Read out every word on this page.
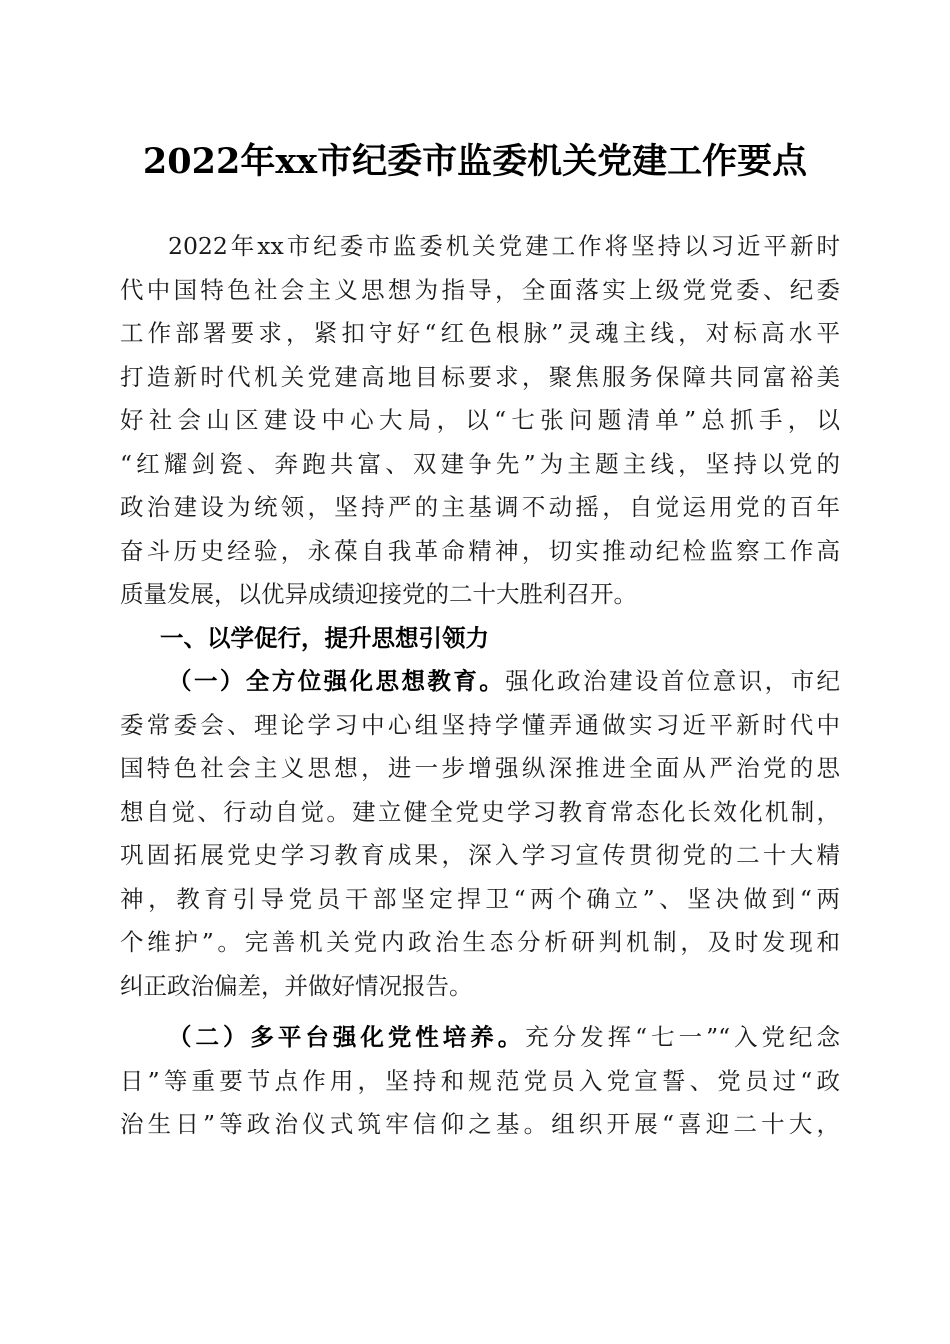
2022年xx市纪委市监委机关党建工作要点
2022年xx市纪委市监委机关党建工作将坚持以习近平新时
代中国特色社会主义思想为指导，全面落实上级党党委、纪委
工作部署要求，紧扣守好“红色根脉”灵魂主线，对标高水平
打造新时代机关党建高地目标要求，聚焦服务保障共同富裕美
好社会山区建设中心大局，以“七张问题清单”总抓手，以
“红耀剑瓷、奔跑共富、双建争先”为主题主线，坚持以党的
政治建设为统领，坚持严的主基调不动摇，自觉运用党的百年
奋斗历史经验，永葆自我革命精神，切实推动纪检监察工作高
质量发展，以优异成绩迎接党的二十大胜利召开。
一、以学促行，提升思想引领力
（一）全方位强化思想教育。强化政治建设首位意识，市纪
委常委会、理论学习中心组坚持学懂弄通做实习近平新时代中
国特色社会主义思想，进一步增强纵深推进全面从严治党的思
想自觉、行动自觉。建立健全党史学习教育常态化长效化机制，
巩固拓展党史学习教育成果，深入学习宣传贯彻党的二十大精
神，教育引导党员干部坚定捍卫“两个确立”、坚决做到“两
个维护”。完善机关党内政治生态分析研判机制，及时发现和
纠正政治偏差，并做好情况报告。
（二）多平台强化党性培养。充分发挥“七一”“入党纪念
日”等重要节点作用，坚持和规范党员入党宣誓、党员过“政
治生日”等政治仪式筑牢信仰之基。组织开展“喜迎二十大，
